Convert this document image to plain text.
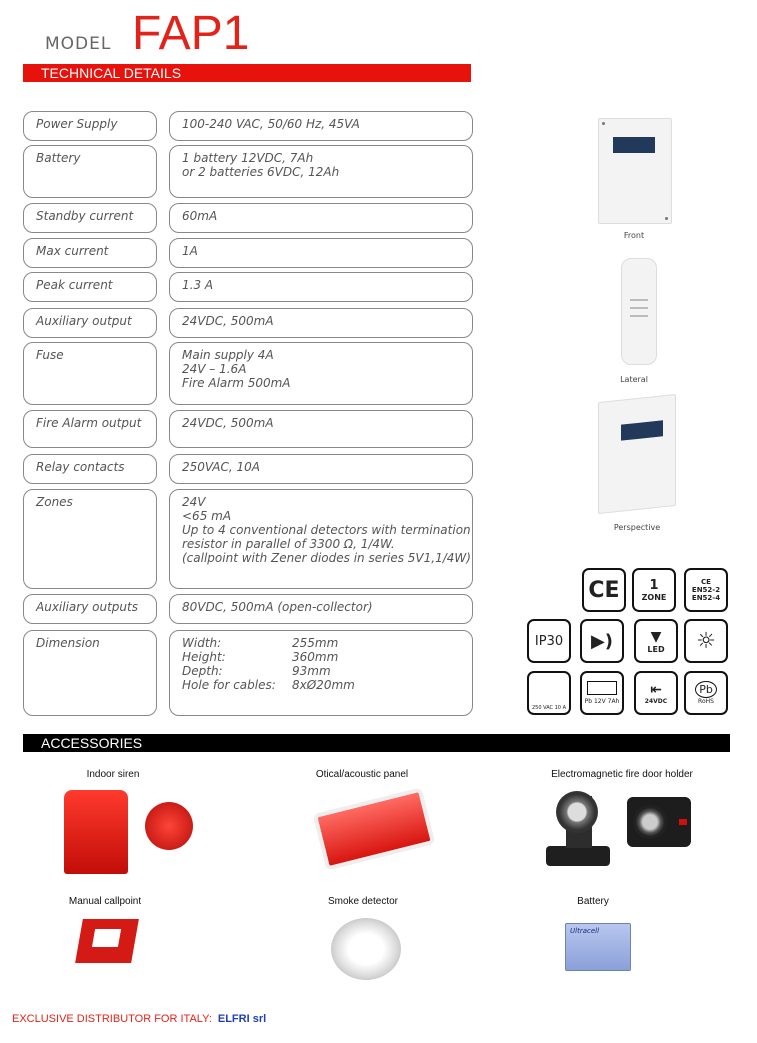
MODEL FAP1
TECHNICAL DETAILS
Power Supply	100-240 VAC, 50/60 Hz, 45VA
Battery	1 battery 12VDC, 7Ah
or 2 batteries 6VDC, 12Ah
Standby current	60mA
Max current	1A
Peak current	1.3 A
Auxiliary output	24VDC, 500mA
Fuse	Main supply 4A
24V – 1.6A
Fire Alarm 500mA
Fire Alarm output	24VDC, 500mA
Relay contacts	250VAC, 10A
Zones	24V
<65 mA
Up to 4 conventional detectors with termination
resistor in parallel of 3300 Ω, 1/4W.
(callpoint with Zener diodes in series 5V1,1/4W)
Auxiliary outputs	80VDC, 500mA (open-collector)
Dimension	Width:	255mm
Height:	360mm
Depth:	93mm
Hole for cables:	8xØ20mm
Front
Lateral
Perspective
CE	1
ZONE
CE
EN52-2
EN52-4
IP30	▶)	▼
LED	☼
250 VAC 10 A
Pb 12V 7Ah
⇤
24VDC
Pb
RoHS
ACCESSORIES
Indoor siren	Otical/acoustic panel	Electromagnetic fire door holder
Manual callpoint	Smoke detector	Battery
Ultracell
EXCLUSIVE DISTRIBUTOR FOR ITALY: ELFRI srl
